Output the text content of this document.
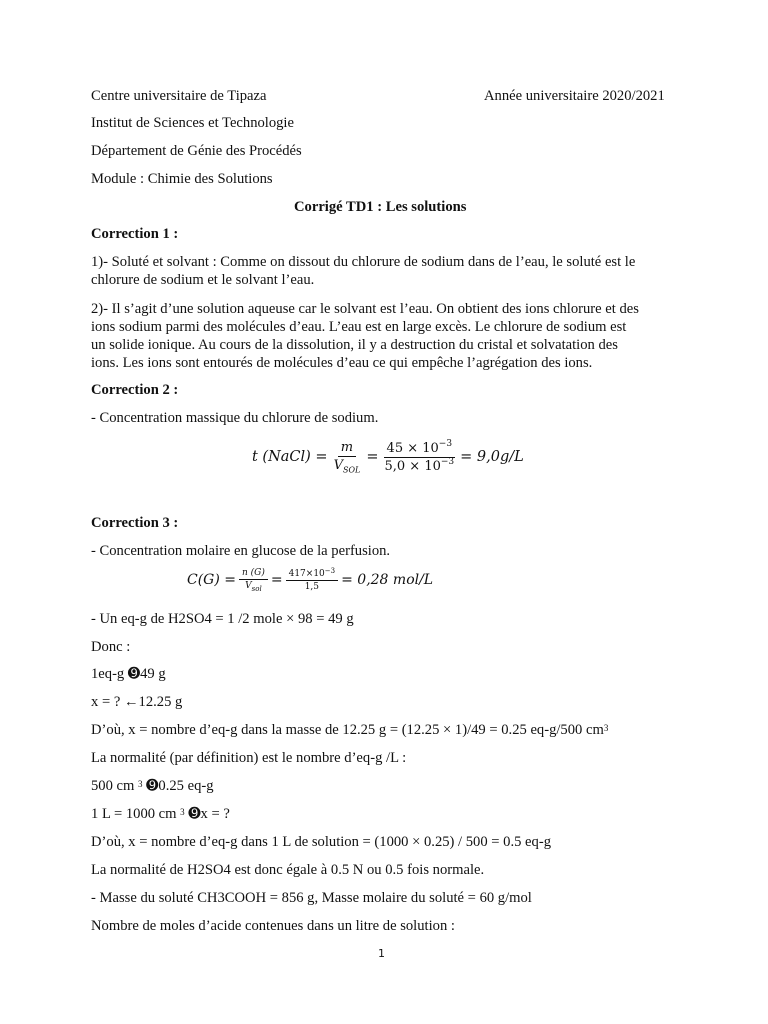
Centre universitaire de Tipaza	Année universitaire 2020/2021
Institut de Sciences et Technologie
Département de Génie des Procédés
Module : Chimie des Solutions
Corrigé TD1 : Les solutions
Correction 1 :
1)- Soluté et solvant : Comme on dissout du chlorure de sodium dans de l’eau, le soluté est le
chlorure de sodium et le solvant l’eau.
2)- Il s’agit d’une solution aqueuse car le solvant est l’eau. On obtient des ions chlorure et des
ions sodium parmi des molécules d’eau. L’eau est en large excès. Le chlorure de sodium est
un solide ionique. Au cours de la dissolution, il y a destruction du cristal et solvatation des
ions. Les ions sont entourés de molécules d’eau ce qui empêche l’agrégation des ions.
Correction 2 :
- Concentration massique du chlorure de sodium.
t (NaCl) = $\frac{m}{V_{SOL}} = \frac{45 \times 10^{-3}}{5,0 \times 10^{-3}} = 9,0g/L$
Correction 3 :
- Concentration molaire en glucose de la perfusion.
$C(G) = \frac{n (G)}{V_{sol}} = \frac{417\times 10^{-3}}{1,5} = 0,28$ mol/L
- Un eq-g de H2SO4 = 1 /2 mole × 98 = 49 g
Donc :
1eq-g ➒49 g
x = ? ←12.25 g
D’où, x = nombre d’eq-g dans la masse de 12.25 g = (12.25 × 1)/49 = 0.25 eq-g/500 $cm^3$
La normalité (par définition) est le nombre d’eq-g /L :
500 cm $^3$ ➒0.25 eq-g
1 L = 1000 cm $^3$ ➒x = ?
D’où, x = nombre d’eq-g dans 1 L de solution = (1000 × 0.25) / 500 = 0.5 eq-g
La normalité de H2SO4 est donc égale à 0.5 N ou 0.5 fois normale.
- Masse du soluté CH3COOH = 856 g, Masse molaire du soluté = 60 g/mol
Nombre de moles d’acide contenues dans un litre de solution :
1
